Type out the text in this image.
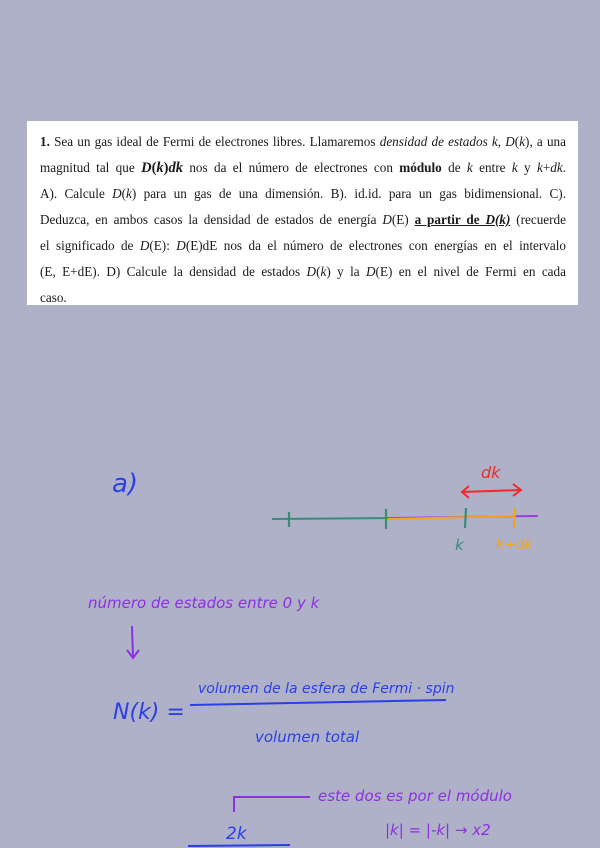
1. Sea un gas ideal de Fermi de electrones libres. Llamaremos densidad de estados k, D(k), a una
magnitud tal que D(k)dk nos da el número de electrones con módulo de k entre k y k+dk.
A). Calcule D(k) para un gas de una dimensión. B). id.id. para un gas bidimensional. C).
Deduzca, en ambos casos la densidad de estados de energía D(E) a partir de D(k) (recuerde
el significado de D(E): D(E)dE nos da el número de electrones con energías en el intervalo
(E, E+dE). D) Calcule la densidad de estados D(k) y la D(E) en el nivel de Fermi en cada
caso.
a)	dk
k k+dk
número de estados entre 0 y k
N(k) =
volumen de la esfera de Fermi · spin
volumen total
este dos es por el módulo
|k| = |-k| → x2
2k
